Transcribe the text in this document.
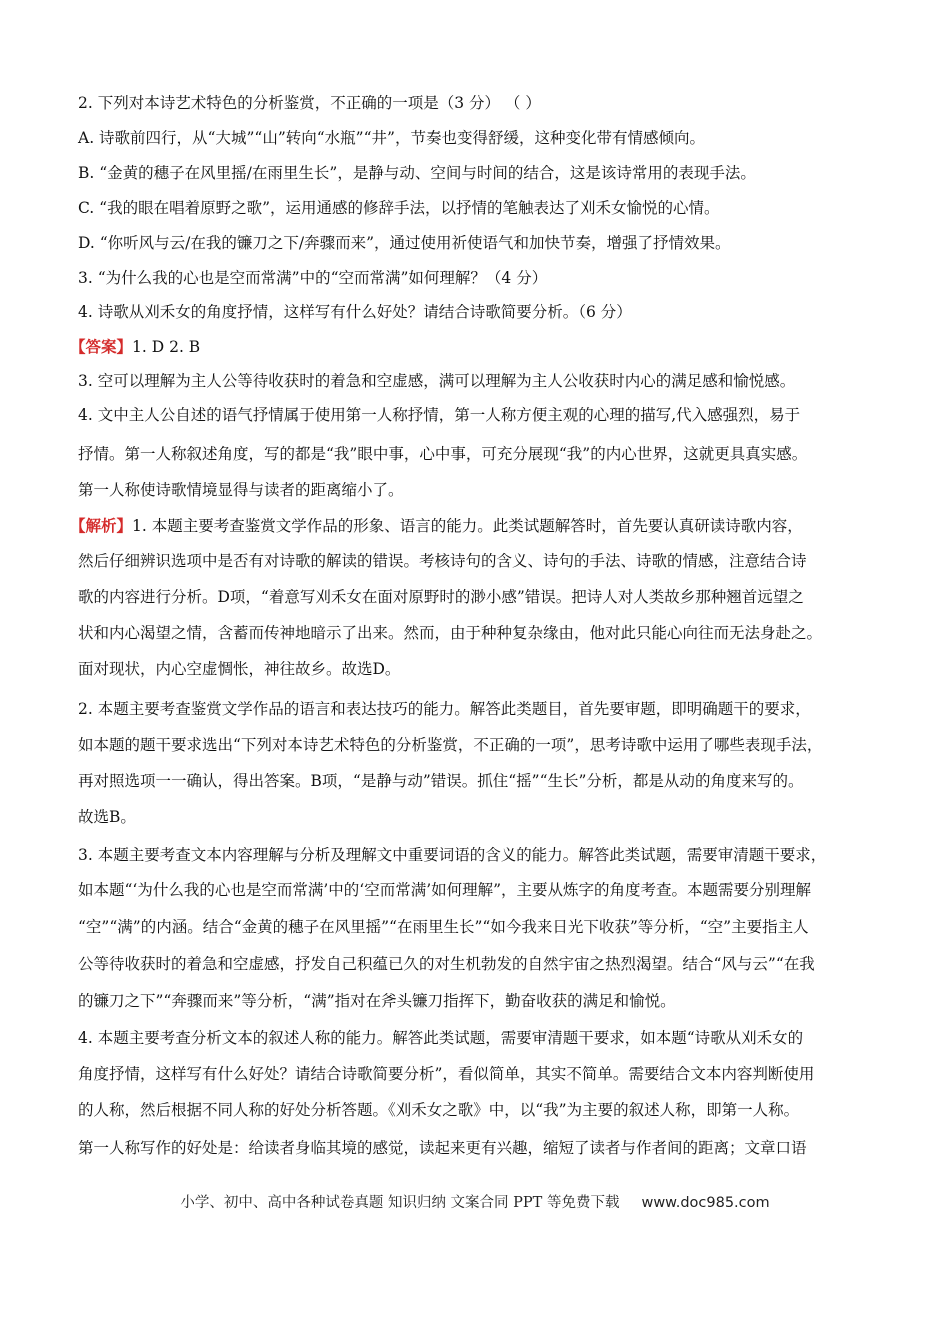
2. 下列对本诗艺术特色的分析鉴赏，不正确的一项是（3 分） （ ）

A. 诗歌前四行，从“大城”“山”转向“水瓶”“井”，节奏也变得舒缓，这种变化带有情感倾向。

B. “金黄的穗子在风里摇/在雨里生长”，是静与动、空间与时间的结合，这是该诗常用的表现手法。

C. “我的眼在唱着原野之歌”，运用通感的修辞手法，以抒情的笔触表达了刈禾女愉悦的心情。

D. “你听风与云/在我的镰刀之下/奔骤而来”，通过使用祈使语气和加快节奏，增强了抒情效果。

3. “为什么我的心也是空而常满”中的“空而常满”如何理解？（4 分）

4. 诗歌从刈禾女的角度抒情，这样写有什么好处？请结合诗歌简要分析。（6 分）

【答案】1. D 2. B

3. 空可以理解为主人公等待收获时的着急和空虚感，满可以理解为主人公收获时内心的满足感和愉悦感。

4. 文中主人公自述的语气抒情属于使用第一人称抒情，第一人称方便主观的心理的描写,代入感强烈，易于

抒情。第一人称叙述角度，写的都是“我”眼中事，心中事，可充分展现“我”的内心世界，这就更具真实感。

第一人称使诗歌情境显得与读者的距离缩小了。

【解析】1. 本题主要考查鉴赏文学作品的形象、语言的能力。此类试题解答时，首先要认真研读诗歌内容，

然后仔细辨识选项中是否有对诗歌的解读的错误。考核诗句的含义、诗句的手法、诗歌的情感，注意结合诗

歌的内容进行分析。D项，“着意写刈禾女在面对原野时的渺小感”错误。把诗人对人类故乡那种翘首远望之

状和内心渴望之情，含蓄而传神地暗示了出来。然而，由于种种复杂缘由，他对此只能心向往而无法身赴之。

面对现状，内心空虚惆怅，神往故乡。故选D。

2. 本题主要考查鉴赏文学作品的语言和表达技巧的能力。解答此类题目，首先要审题，即明确题干的要求，

如本题的题干要求选出“下列对本诗艺术特色的分析鉴赏，不正确的一项”，思考诗歌中运用了哪些表现手法，

再对照选项一一确认，得出答案。B项，“是静与动”错误。抓住“摇”“生长”分析，都是从动的角度来写的。

故选B。

3. 本题主要考查文本内容理解与分析及理解文中重要词语的含义的能力。解答此类试题，需要审清题干要求，

如本题“‘为什么我的心也是空而常满’中的‘空而常满’如何理解”，主要从炼字的角度考查。本题需要分别理解

“空”“满”的内涵。结合“金黄的穗子在风里摇”“在雨里生长”“如今我来日光下收获”等分析，“空”主要指主人

公等待收获时的着急和空虚感，抒发自己积蕴已久的对生机勃发的自然宇宙之热烈渴望。结合“风与云”“在我

的镰刀之下”“奔骤而来”等分析，“满”指对在斧头镰刀指挥下，勤奋收获的满足和愉悦。

4. 本题主要考查分析文本的叙述人称的能力。解答此类试题，需要审清题干要求，如本题“诗歌从刈禾女的

角度抒情，这样写有什么好处？请结合诗歌简要分析”，看似简单，其实不简单。需要结合文本内容判断使用

的人称，然后根据不同人称的好处分析答题。《刈禾女之歌》中，以“我”为主要的叙述人称，即第一人称。

第一人称写作的好处是：给读者身临其境的感觉，读起来更有兴趣，缩短了读者与作者间的距离；文章口语

小学、初中、高中各种试卷真题 知识归纳 文案合同 PPT 等免费下载 www.doc985.com
